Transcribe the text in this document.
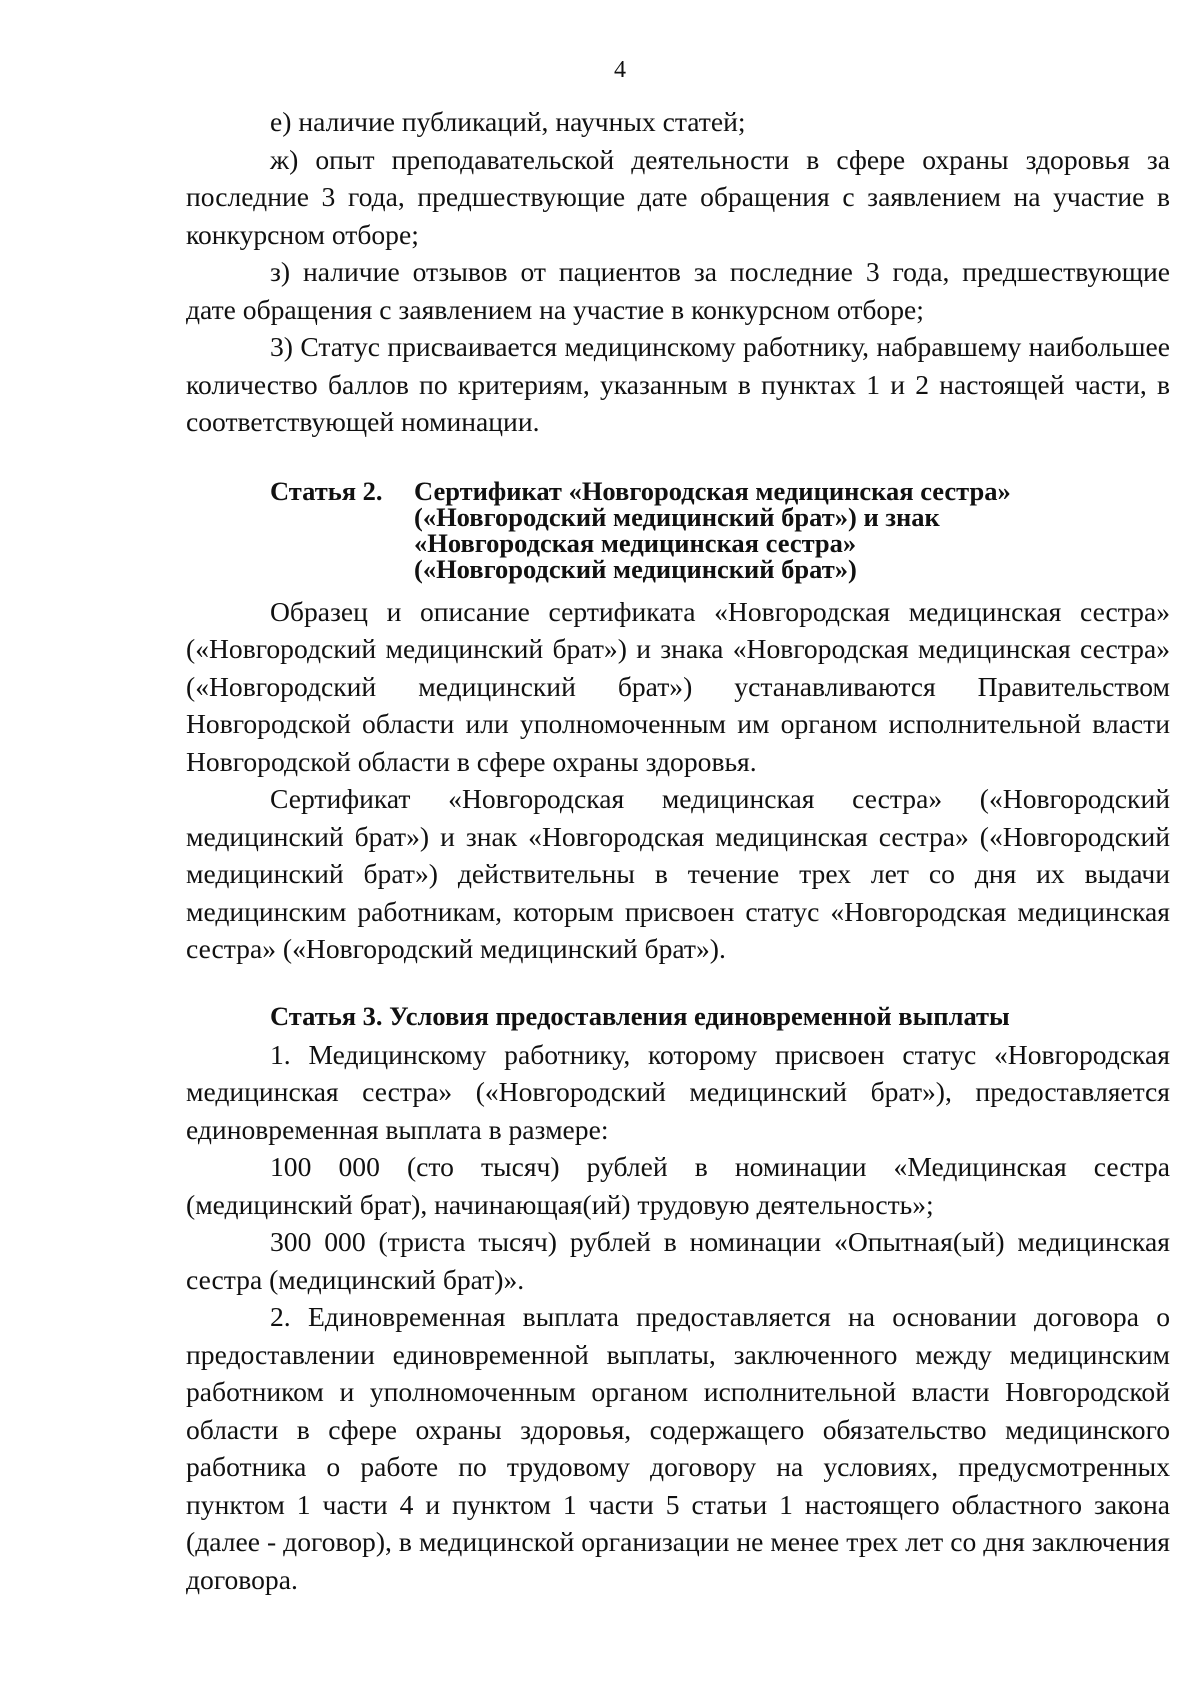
4

е) наличие публикаций, научных статей;

ж) опыт преподавательской деятельности в сфере охраны здоровья за последние 3 года, предшествующие дате обращения с заявлением на участие в конкурсном отборе;

з) наличие отзывов от пациентов за последние 3 года, предшествующие дате обращения с заявлением на участие в конкурсном отборе;

3) Статус присваивается медицинскому работнику, набравшему наибольшее количество баллов по критериям, указанным в пунктах 1 и 2 настоящей части, в соответствующей номинации.

Статья 2.	Сертификат «Новгородская медицинская сестра»
(«Новгородский медицинский брат») и знак
«Новгородская медицинская сестра»
(«Новгородский медицинский брат»)

Образец и описание сертификата «Новгородская медицинская сестра» («Новгородский медицинский брат») и знака «Новгородская медицинская сестра» («Новгородский медицинский брат») устанавливаются Правительством Новгородской области или уполномоченным им органом исполнительной власти Новгородской области в сфере охраны здоровья.

Сертификат «Новгородская медицинская сестра» («Новгородский медицинский брат») и знак «Новгородская медицинская сестра» («Новгородский медицинский брат») действительны в течение трех лет со дня их выдачи медицинским работникам, которым присвоен статус «Новгородская медицинская сестра» («Новгородский медицинский брат»).

Статья 3. Условия предоставления единовременной выплаты

1. Медицинскому работнику, которому присвоен статус «Новгородская медицинская сестра» («Новгородский медицинский брат»), предоставляется единовременная выплата в размере:

100 000 (сто тысяч) рублей в номинации «Медицинская сестра (медицинский брат), начинающая(ий) трудовую деятельность»;

300 000 (триста тысяч) рублей в номинации «Опытная(ый) медицинская сестра (медицинский брат)».

2. Единовременная выплата предоставляется на основании договора о предоставлении единовременной выплаты, заключенного между медицинским работником и уполномоченным органом исполнительной власти Новгородской области в сфере охраны здоровья, содержащего обязательство медицинского работника о работе по трудовому договору на условиях, предусмотренных пунктом 1 части 4 и пунктом 1 части 5 статьи 1 настоящего областного закона (далее - договор), в медицинской организации не менее трех лет со дня заключения договора.
